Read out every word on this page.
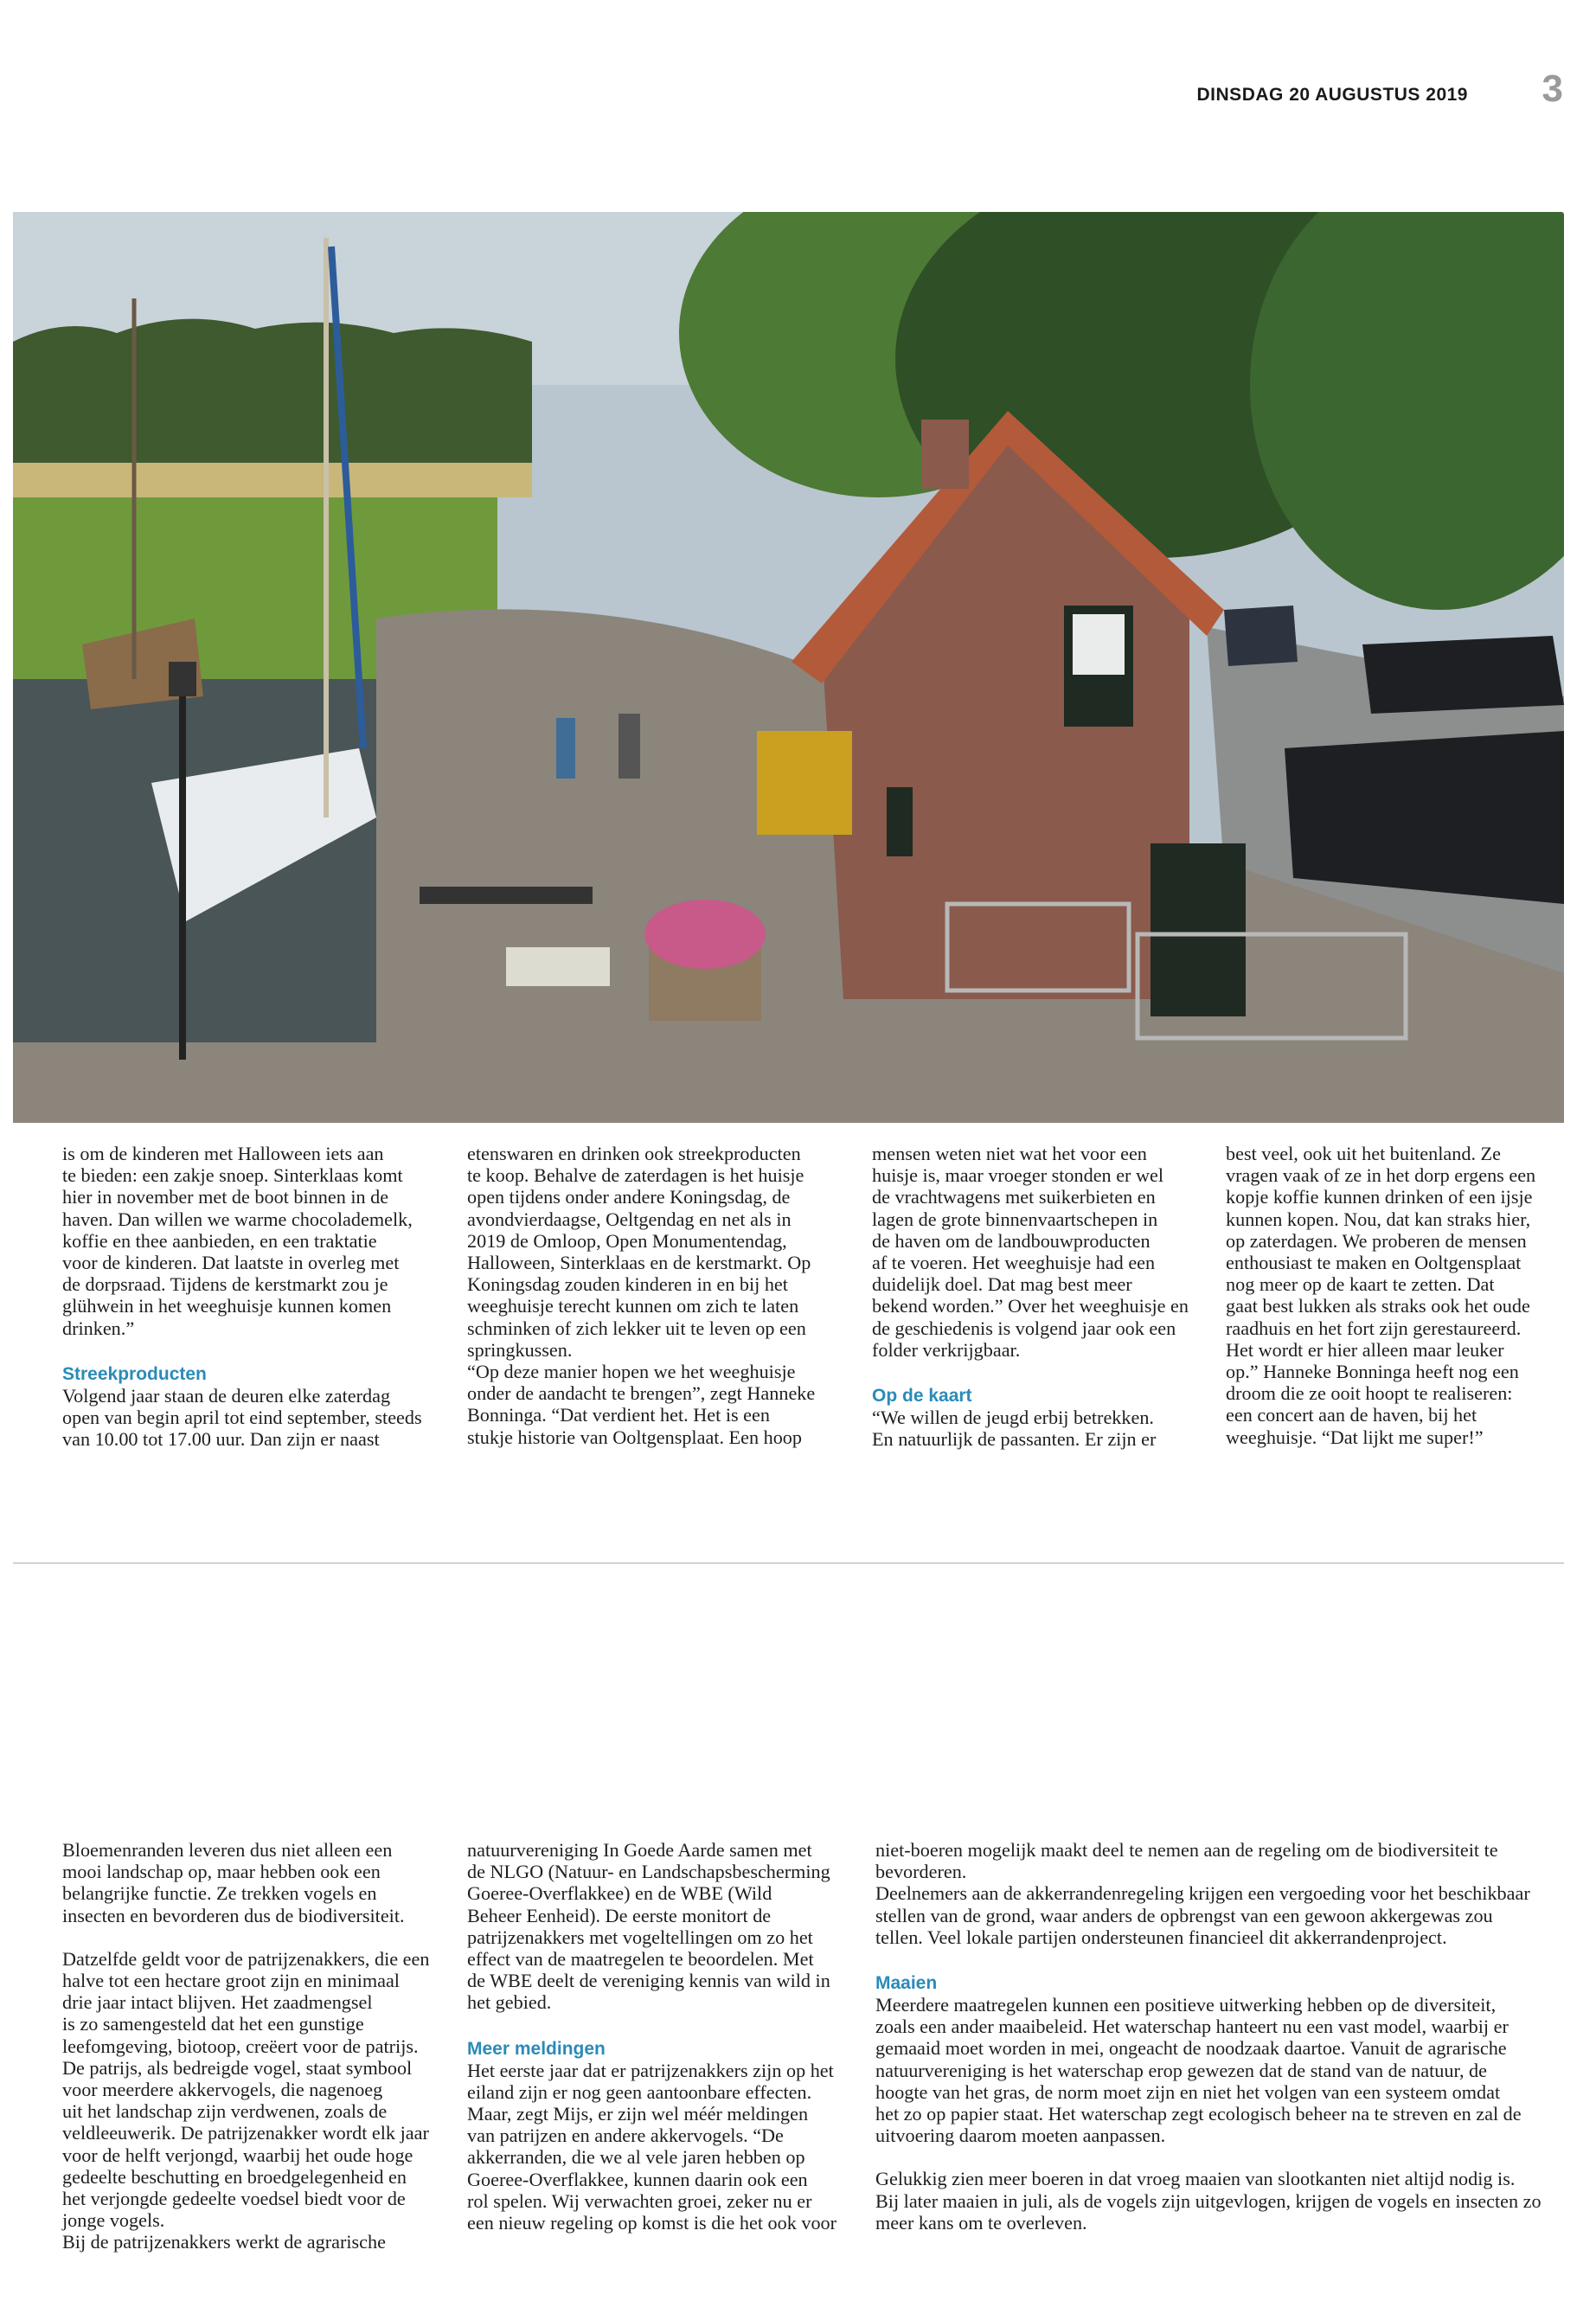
DINSDAG 20 AUGUSTUS 2019 3

is om de kinderen met Halloween iets aan
te bieden: een zakje snoep. Sinterklaas komt
hier in november met de boot binnen in de
haven. Dan willen we warme chocolademelk,
koffie en thee aanbieden, en een traktatie
voor de kinderen. Dat laatste in overleg met
de dorpsraad. Tijdens de kerstmarkt zou je
glühwein in het weeghuisje kunnen komen
drinken.”

Streekproducten

Volgend jaar staan de deuren elke zaterdag
open van begin april tot eind september, steeds
van 10.00 tot 17.00 uur. Dan zijn er naast

etenswaren en drinken ook streekproducten
te koop. Behalve de zaterdagen is het huisje
open tijdens onder andere Koningsdag, de
avondvierdaagse, Oeltgendag en net als in
2019 de Omloop, Open Monumentendag,
Halloween, Sinterklaas en de kerstmarkt. Op
Koningsdag zouden kinderen in en bij het
weeghuisje terecht kunnen om zich te laten
schminken of zich lekker uit te leven op een
springkussen.

“Op deze manier hopen we het weeghuisje
onder de aandacht te brengen”, zegt Hanneke
Bonninga. “Dat verdient het. Het is een
stukje historie van Ooltgensplaat. Een hoop

mensen weten niet wat het voor een
huisje is, maar vroeger stonden er wel
de vrachtwagens met suikerbieten en
lagen de grote binnenvaartschepen in
de haven om de landbouwproducten
af te voeren. Het weeghuisje had een
duidelijk doel. Dat mag best meer
bekend worden.” Over het weeghuisje en
de geschiedenis is volgend jaar ook een
folder verkrijgbaar.

Op de kaart

“We willen de jeugd erbij betrekken.
En natuurlijk de passanten. Er zijn er

best veel, ook uit het buitenland. Ze
vragen vaak of ze in het dorp ergens een
kopje koffie kunnen drinken of een ijsje
kunnen kopen. Nou, dat kan straks hier,
op zaterdagen. We proberen de mensen
enthousiast te maken en Ooltgensplaat
nog meer op de kaart te zetten. Dat
gaat best lukken als straks ook het oude
raadhuis en het fort zijn gerestaureerd.
Het wordt er hier alleen maar leuker
op.” Hanneke Bonninga heeft nog een
droom die ze ooit hoopt te realiseren:
een concert aan de haven, bij het
weeghuisje. “Dat lijkt me super!”

Bloemenranden leveren dus niet alleen een
mooi landschap op, maar hebben ook een
belangrijke functie. Ze trekken vogels en
insecten en bevorderen dus de biodiversiteit.

Datzelfde geldt voor de patrijzenakkers, die een
halve tot een hectare groot zijn en minimaal
drie jaar intact blijven. Het zaadmengsel
is zo samengesteld dat het een gunstige
leefomgeving, biotoop, creëert voor de patrijs.
De patrijs, als bedreigde vogel, staat symbool
voor meerdere akkervogels, die nagenoeg
uit het landschap zijn verdwenen, zoals de
veldleeuwerik. De patrijzenakker wordt elk jaar
voor de helft verjongd, waarbij het oude hoge
gedeelte beschutting en broedgelegenheid en
het verjongde gedeelte voedsel biedt voor de
jonge vogels.

Bij de patrijzenakkers werkt de agrarische

natuurvereniging In Goede Aarde samen met
de NLGO (Natuur- en Landschapsbescherming
Goeree-Overflakkee) en de WBE (Wild
Beheer Eenheid). De eerste monitort de
patrijzenakkers met vogeltellingen om zo het
effect van de maatregelen te beoordelen. Met
de WBE deelt de vereniging kennis van wild in
het gebied.

Meer meldingen

Het eerste jaar dat er patrijzenakkers zijn op het
eiland zijn er nog geen aantoonbare effecten.
Maar, zegt Mijs, er zijn wel méér meldingen
van patrijzen en andere akkervogels. “De
akkerranden, die we al vele jaren hebben op
Goeree-Overflakkee, kunnen daarin ook een
rol spelen. Wij verwachten groei, zeker nu er
een nieuw regeling op komst is die het ook voor

niet-boeren mogelijk maakt deel te nemen aan de regeling om de biodiversiteit te
bevorderen.

Deelnemers aan de akkerrandenregeling krijgen een vergoeding voor het beschikbaar
stellen van de grond, waar anders de opbrengst van een gewoon akkergewas zou
tellen. Veel lokale partijen ondersteunen financieel dit akkerrandenproject.

Maaien

Meerdere maatregelen kunnen een positieve uitwerking hebben op de diversiteit,
zoals een ander maaibeleid. Het waterschap hanteert nu een vast model, waarbij er
gemaaid moet worden in mei, ongeacht de noodzaak daartoe. Vanuit de agrarische
natuurvereniging is het waterschap erop gewezen dat de stand van de natuur, de
hoogte van het gras, de norm moet zijn en niet het volgen van een systeem omdat
het zo op papier staat. Het waterschap zegt ecologisch beheer na te streven en zal de
uitvoering daarom moeten aanpassen.

Gelukkig zien meer boeren in dat vroeg maaien van slootkanten niet altijd nodig is.
Bij later maaien in juli, als de vogels zijn uitgevlogen, krijgen de vogels en insecten zo
meer kans om te overleven.
